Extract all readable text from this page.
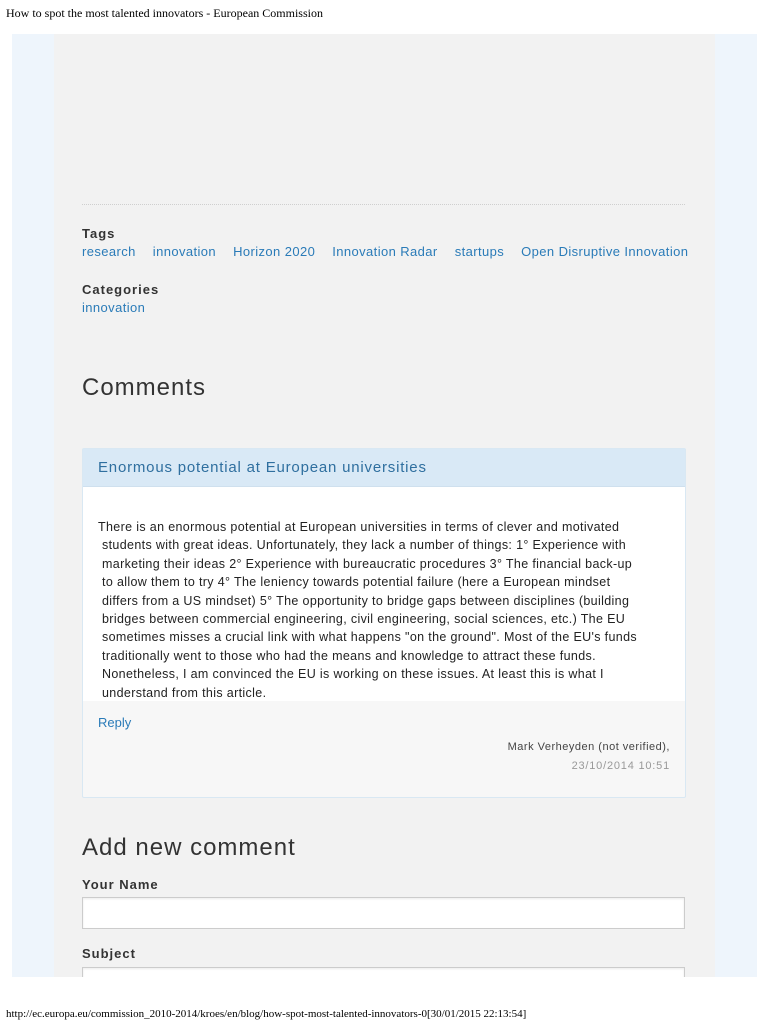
How to spot the most talented innovators - European Commission
Tags
research innovation Horizon 2020 Innovation Radar startups Open Disruptive Innovation
Categories
innovation
Comments
Enormous potential at European universities
There is an enormous potential at European universities in terms of clever and motivated
students with great ideas. Unfortunately, they lack a number of things: 1° Experience with
marketing their ideas 2° Experience with bureaucratic procedures 3° The financial back-up
to allow them to try 4° The leniency towards potential failure (here a European mindset
differs from a US mindset) 5° The opportunity to bridge gaps between disciplines (building
bridges between commercial engineering, civil engineering, social sciences, etc.) The EU
sometimes misses a crucial link with what happens "on the ground". Most of the EU's funds
traditionally went to those who had the means and knowledge to attract these funds.
Nonetheless, I am convinced the EU is working on these issues. At least this is what I
understand from this article.
Reply
Mark Verheyden (not verified),
23/10/2014 10:51
Add new comment
Your Name
Subject
http://ec.europa.eu/commission_2010-2014/kroes/en/blog/how-spot-most-talented-innovators-0[30/01/2015 22:13:54]
